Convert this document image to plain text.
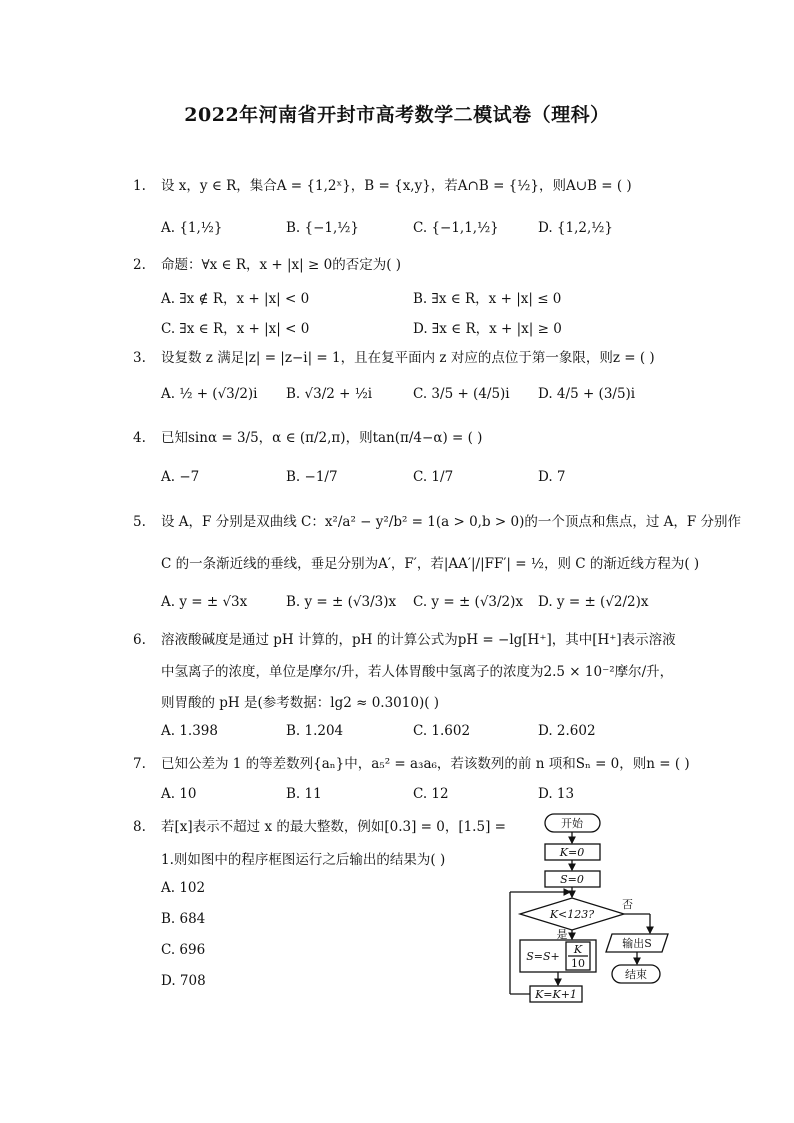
2022年河南省开封市高考数学二模试卷（理科）
1.	设 x，y ∈ R，集合A = {1,2ˣ}，B = {x,y}，若A∩B = {½}，则A∪B = ( )
A. {1,½}	B. {−1,½}	C. {−1,1,½}	D. {1,2,½}
2.	命题：∀x ∈ R，x + |x| ≥ 0的否定为( )
A. ∃x ∉ R，x + |x| < 0	B. ∃x ∈ R，x + |x| ≤ 0
C. ∃x ∈ R，x + |x| < 0	D. ∃x ∈ R，x + |x| ≥ 0
3.	设复数 z 满足|z| = |z−i| = 1，且在复平面内 z 对应的点位于第一象限，则z = ( )
A. ½ + (√3/2)i B. √3/2 + ½i	C. 3/5 + (4/5)i D. 4/5 + (3/5)i
4.	已知sinα = 3/5，α ∈ (π/2,π)，则tan(π/4−α) = ( )
A. −7	B. −1/7	C. 1/7	D. 7
5.	设 A，F 分别是双曲线 C：x²/a² − y²/b² = 1(a > 0,b > 0)的一个顶点和焦点，过 A，F 分别作
C 的一条渐近线的垂线，垂足分别为A′，F′，若|AA′|/|FF′| = ½，则 C 的渐近线方程为( )
A. y = ± √3x	B. y = ± (√3/3)x C. y = ± (√3/2)x D. y = ± (√2/2)x
6.	溶液酸碱度是通过 pH 计算的，pH 的计算公式为pH = −lg[H⁺]，其中[H⁺]表示溶液
中氢离子的浓度，单位是摩尔/升，若人体胃酸中氢离子的浓度为2.5 × 10⁻²摩尔/升，
则胃酸的 pH 是(参考数据：lg2 ≈ 0.3010)( )
A. 1.398	B. 1.204	C. 1.602	D. 2.602
7.	已知公差为 1 的等差数列{aₙ}中，a₅² = a₃a₆，若该数列的前 n 项和Sₙ = 0，则n = ( )
A. 10	B. 11	C. 12	D. 13
8.	若[x]表示不超过 x 的最大整数，例如[0.3] = 0，[1.5] =
1.则如图中的程序框图运行之后输出的结果为( )
A. 102
B. 684
C. 696
D. 708
开始
K=0
S=0
K<123?
否
是
S=S+
K
10
输出S
结束
K=K+1
